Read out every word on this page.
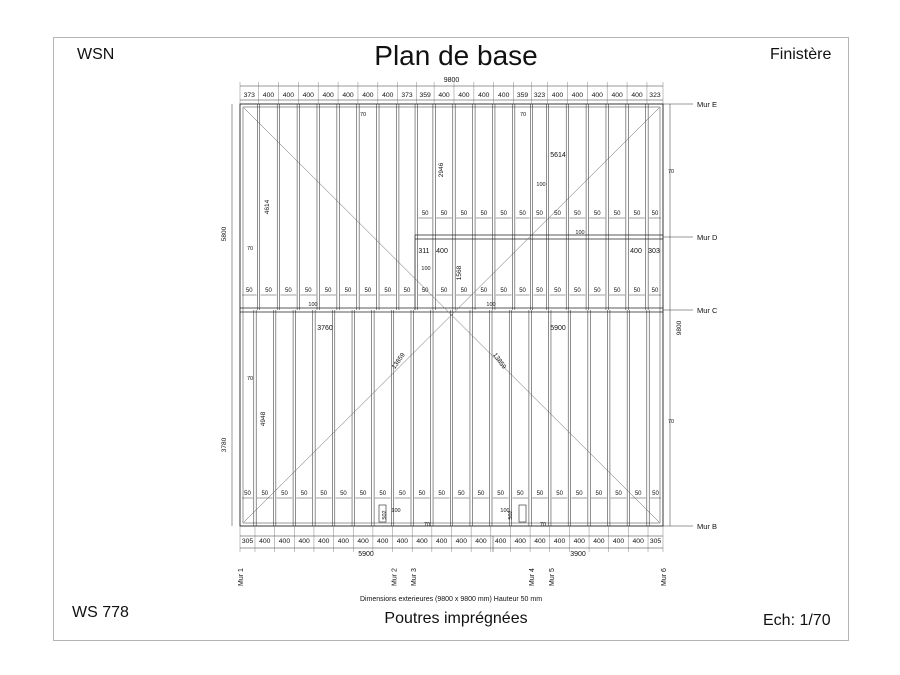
WSN	Plan de base	Finistère
WS 778	Poutres imprégnées	Ech: 1/70
50 50 50 50 50 50 50 50 50 50 50 50 50
50 50 50 50 50 50 50 50 50 50 50 50 50 50 50 50 50 50 50 50 50 50
50 50 50 50 50 50 50 50 50 50 50 50 50 50 50 50 50 50 50 50 50 50
9800
373 400 400 400 400 400 400 400 373 359 400 400 400 400 359 323 400 400 400 400 400 323
305 400 400 400 400 400 400 400 400 400 400 400 400 400 400 400 400 400 400 400 400 305
5900	3900
Mur 1	Mur 2 Mur 3	Mur 4 Mur 5	Mur 6
Dimensions exterieures (9800 x 9800 mm) Hauteur 50 mm
Mur E
Mur D
Mur C
Mur B
5800
3780
9800
4614
4948
2946
1568
5614
3760	5900
13859	13859
311 400	400 303
100
100
100
100	100
100	100
70	70
70
70
70
70
70	70
502	502
